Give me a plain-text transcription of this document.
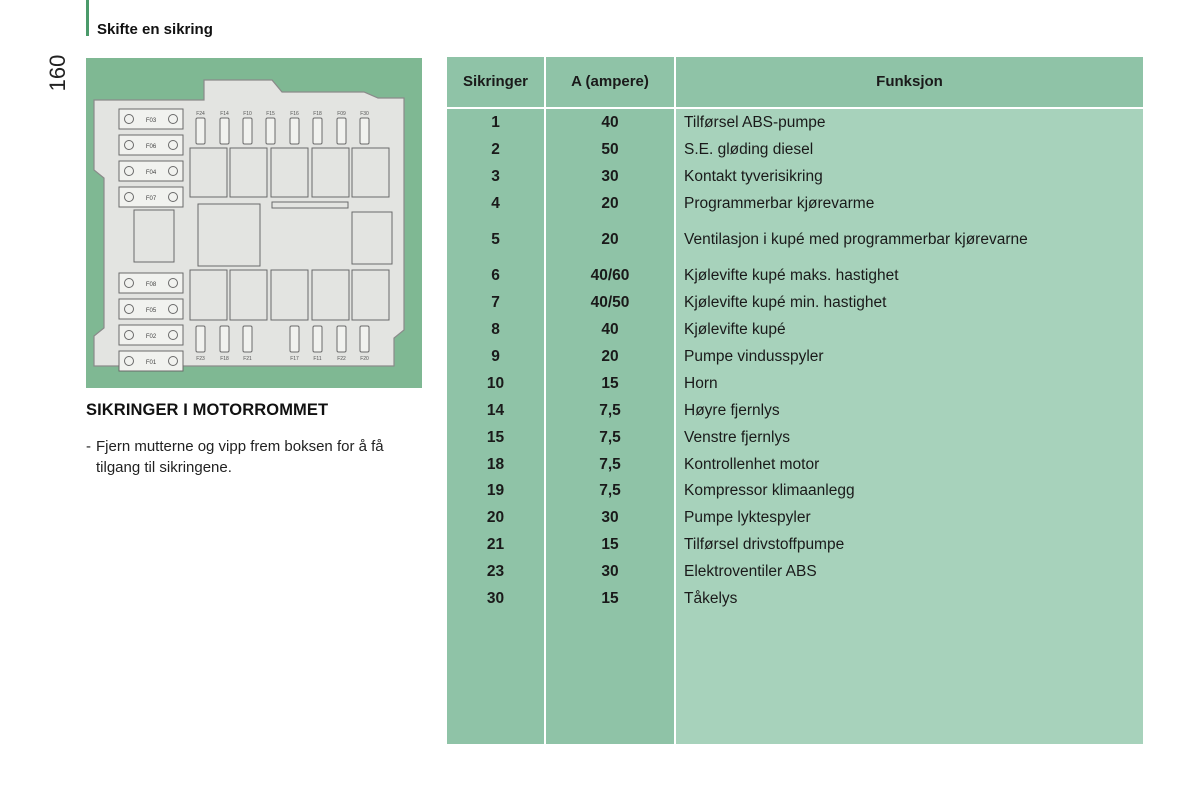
Skifte en sikring
160
F03
F06
F04
F07
F08
F05
F02
F01
F24	F14	F10	F15	F16	F18	F09	F30
F23	F18	F21	F17	F11	F22	F20
SIKRINGER I MOTORROMMET
- Fjern mutterne og vipp frem boksen for å få tilgang til sikringene.
Sikringer	A (ampere)	Funksjon
1	40	Tilførsel ABS-pumpe
2	50	S.E. gløding diesel
3	30	Kontakt tyverisikring
4	20	Programmerbar kjørevarme
5	20	Ventilasjon i kupé med programmerbar kjørevarne
6	40/60	Kjølevifte kupé maks. hastighet
7	40/50	Kjølevifte kupé min. hastighet
8	40	Kjølevifte kupé
9	20	Pumpe vindusspyler
10	15	Horn
14	7,5	Høyre fjernlys
15	7,5	Venstre fjernlys
18	7,5	Kontrollenhet motor
19	7,5	Kompressor klimaanlegg
20	30	Pumpe lyktespyler
21	15	Tilførsel drivstoffpumpe
23	30	Elektroventiler ABS
30	15	Tåkelys
